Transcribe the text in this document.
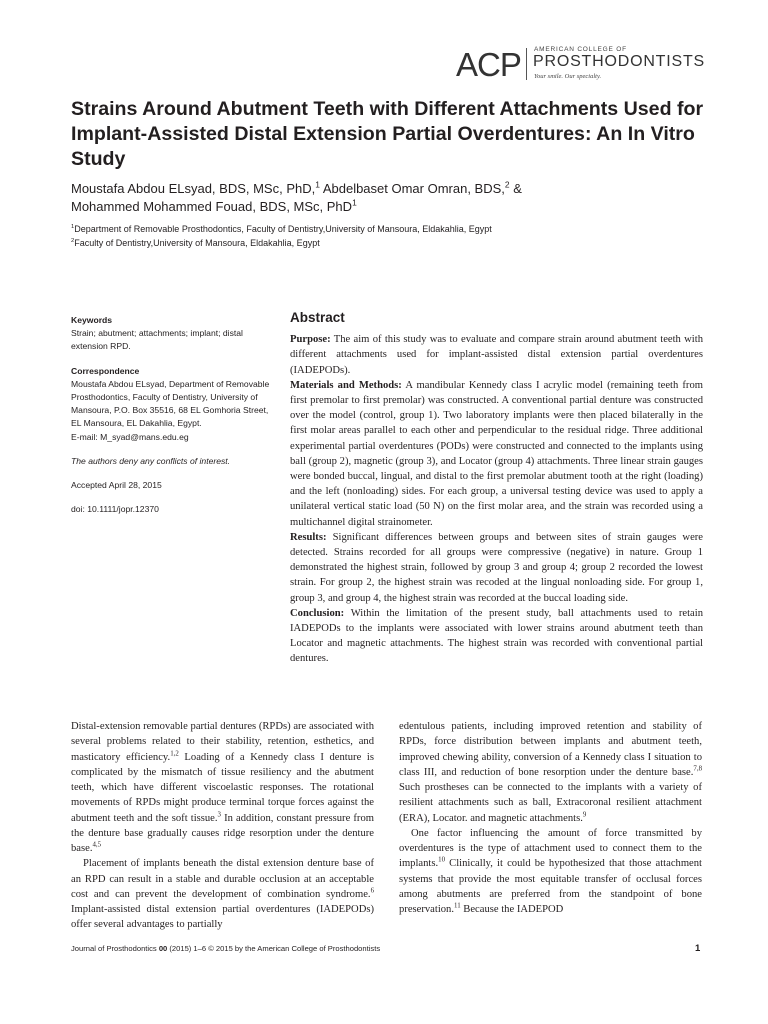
ACP AMERICAN COLLEGE OF
PROSTHODONTISTS
Your smile. Our specialty.
Strains Around Abutment Teeth with Different Attachments Used for Implant-Assisted Distal Extension Partial Overdentures: An In Vitro Study

Moustafa Abdou ELsyad, BDS, MSc, PhD,$^1$ Abdelbaset Omar Omran, BDS,$^2$ &
Mohammed Mohammed Fouad, BDS, MSc, PhD$^1$

$^1$Department of Removable Prosthodontics, Faculty of Dentistry,University of Mansoura, Eldakahlia, Egypt
$^2$Faculty of Dentistry,University of Mansoura, Eldakahlia, Egypt
Keywords

Strain; abutment; attachments; implant; distal extension RPD.

Correspondence

Moustafa Abdou ELsyad, Department of Removable Prosthodontics, Faculty of Dentistry, University of Mansoura, P.O. Box 35516, 68 EL Gomhoria Street, EL Mansoura, EL Dakahlia, Egypt.

E-mail: M_syad@mans.edu.eg

The authors deny any conflicts of interest.

Accepted April 28, 2015

doi: 10.1111/jopr.12370

Abstract

Purpose: The aim of this study was to evaluate and compare strain around abutment teeth with different attachments used for implant-assisted distal extension partial overdentures (IADEPODs).

Materials and Methods: A mandibular Kennedy class I acrylic model (remaining teeth from first premolar to first premolar) was constructed. A conventional partial denture was constructed over the model (control, group 1). Two laboratory implants were then placed bilaterally in the first molar areas parallel to each other and perpendicular to the residual ridge. Three additional experimental partial overdentures (PODs) were constructed and connected to the implants using ball (group 2), magnetic (group 3), and Locator (group 4) attachments. Three linear strain gauges were bonded buccal, lingual, and distal to the first premolar abutment tooth at the right (loading) and the left (nonloading) sides. For each group, a universal testing device was used to apply a unilateral vertical static load (50 N) on the first molar area, and the strain was recorded using a multichannel digital strainometer.

Results: Significant differences between groups and between sites of strain gauges were detected. Strains recorded for all groups were compressive (negative) in nature. Group 1 demonstrated the highest strain, followed by group 3 and group 4; group 2 recorded the lowest strain. For group 2, the highest strain was recoded at the lingual nonloading side. For group 1, group 3, and group 4, the highest strain was recorded at the buccal loading side.

Conclusion: Within the limitation of the present study, ball attachments used to retain IADEPODs to the implants were associated with lower strains around abutment teeth than Locator and magnetic attachments. The highest strain was recorded with conventional partial dentures.

Distal-extension removable partial dentures (RPDs) are associated with several problems related to their stability, retention, esthetics, and masticatory efficiency.$^{1,2}$ Loading of a Kennedy class I denture is complicated by the mismatch of tissue resiliency and the abutment teeth, which have different viscoelastic responses. The rotational movements of RPDs might produce terminal torque forces against the abutment teeth and the soft tissue.$^3$ In addition, constant pressure from the denture base gradually causes ridge resorption under the denture base.$^{4,5}$

Placement of implants beneath the distal extension denture base of an RPD can result in a stable and durable occlusion at an acceptable cost and can prevent the development of combination syndrome.$^6$ Implant-assisted distal extension partial overdentures (IADEPODs) offer several advantages to partially

edentulous patients, including improved retention and stability of RPDs, force distribution between implants and abutment teeth, improved chewing ability, conversion of a Kennedy class I situation to class III, and reduction of bone resorption under the denture base.$^{7,8}$ Such prostheses can be connected to the implants with a variety of resilient attachments such as ball, Extracoronal resilient attachment (ERA), Locator. and magnetic attachments.$^9$

One factor influencing the amount of force transmitted by overdentures is the type of attachment used to connect them to the implants.$^{10}$ Clinically, it could be hypothesized that those attachment systems that provide the most equitable transfer of occlusal forces among abutments are preferred from the standpoint of bone preservation.$^{11}$ Because the IADEPOD

Journal of Prosthodontics 00 (2015) 1–6 © 2015 by the American College of Prosthodontists	1
